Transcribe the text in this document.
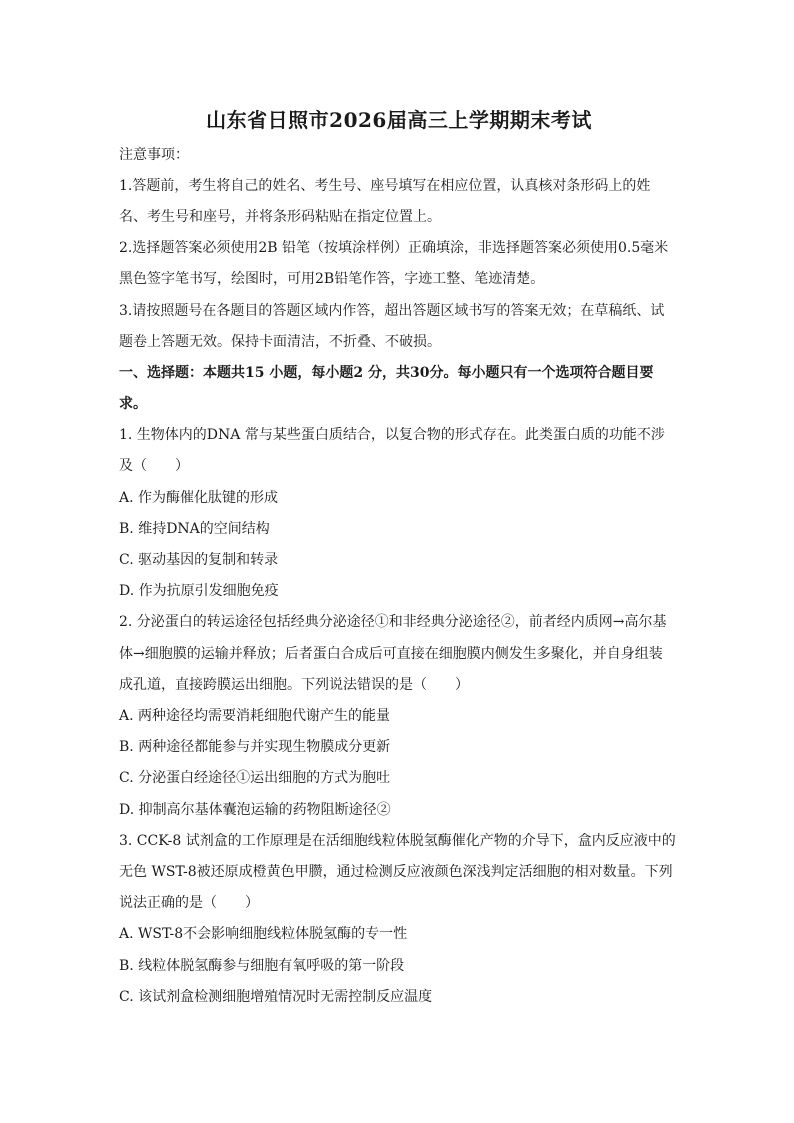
山东省日照市2026届高三上学期期末考试
注意事项：
1.答题前，考生将自己的姓名、考生号、座号填写在相应位置，认真核对条形码上的姓
名、考生号和座号，并将条形码粘贴在指定位置上。
2.选择题答案必须使用2B 铅笔（按填涂样例）正确填涂，非选择题答案必须使用0.5毫米
黑色签字笔书写，绘图时，可用2B铅笔作答，字迹工整、笔迹清楚。
3.请按照题号在各题目的答题区域内作答，超出答题区域书写的答案无效；在草稿纸、试
题卷上答题无效。保持卡面清洁，不折叠、不破损。
一、选择题：本题共15 小题，每小题2 分，共30分。每小题只有一个选项符合题目要
求。
1. 生物体内的DNA 常与某些蛋白质结合，以复合物的形式存在。此类蛋白质的功能不涉
及（　　）
A. 作为酶催化肽键的形成
B. 维持DNA的空间结构
C. 驱动基因的复制和转录
D. 作为抗原引发细胞免疫
2. 分泌蛋白的转运途径包括经典分泌途径①和非经典分泌途径②，前者经内质网→高尔基
体→细胞膜的运输并释放；后者蛋白合成后可直接在细胞膜内侧发生多聚化，并自身组装
成孔道，直接跨膜运出细胞。下列说法错误的是（　　）
A. 两种途径均需要消耗细胞代谢产生的能量
B. 两种途径都能参与并实现生物膜成分更新
C. 分泌蛋白经途径①运出细胞的方式为胞吐
D. 抑制高尔基体囊泡运输的药物阻断途径②
3. CCK-8 试剂盒的工作原理是在活细胞线粒体脱氢酶催化产物的介导下，盒内反应液中的
无色 WST-8被还原成橙黄色甲臜，通过检测反应液颜色深浅判定活细胞的相对数量。下列
说法正确的是（　　）
A. WST-8不会影响细胞线粒体脱氢酶的专一性
B. 线粒体脱氢酶参与细胞有氧呼吸的第一阶段
C. 该试剂盒检测细胞增殖情况时无需控制反应温度
